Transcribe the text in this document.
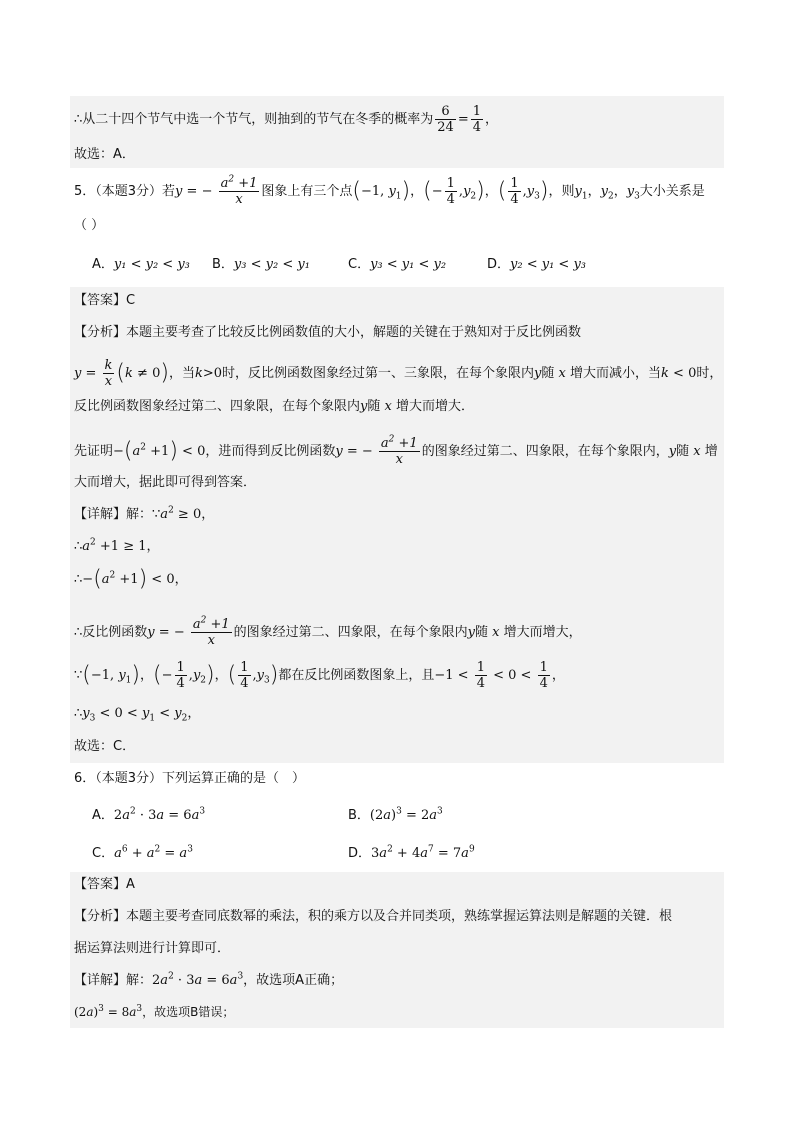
∴从二十四个节气中选一个节气，则抽到的节气在冬季的概率为 $\frac{6}{24} = \frac{1}{4}$ ，
故选：A．
5．（本题3分）若y = − $\frac{a^2 +1}{x}$ 图象上有三个点(−1, $y_1$)，(− $\frac{1}{4} ,y_2$)，( $\frac{1}{4} ,y_3$)，则$y_1$，$y_2$，$y_3$大小关系是
（ ）
A．y₁ < y₂ < y₃ B．y₃ < y₂ < y₁	C．y₃ < y₁ < y₂	D．y₂ < y₁ < y₃
【答案】C
【分析】本题主要考查了比较反比例函数值的大小，解题的关键在于熟知对于反比例函数
$y = \frac{k}{x} (k \ne 0)$，当k>0时，反比例函数图象经过第一、三象限，在每个象限内y随 x 增大而减小，当k < 0时，
反比例函数图象经过第二、四象限，在每个象限内y随 x 增大而增大．
先证明$-(a^2 +1) < 0$，进而得到反比例函数y = − $\frac{a^2 +1}{x}$ 的图象经过第二、四象限，在每个象限内，y随 x 增
大而增大，据此即可得到答案．
【详解】解：$\because a^2 \ge 0$，
$\therefore a^2 +1 \ge 1$，
$\therefore-(a^2 +1) < 0$，
∴反比例函数y = − $\frac{a^2 +1}{x}$ 的图象经过第二、四象限，在每个象限内y随 x 增大而增大，
∵(−1, $y_1$)，(− $\frac{1}{4} ,y_2$)，( $\frac{1}{4} ,y_3$)都在反比例函数图象上，且$-1 < \frac{1}{4} < 0 < \frac{1}{4}$ ，
$\therefore y_3 < 0 < y_1 < y_2$，
故选：C．
6．（本题3分）下列运算正确的是（　）
A．$2a^2 \cdot 3a = 6a^3$	B．$(2a)^3 = 2a^3$
C．$a^6 + a^2 = a^3$	D．$3a^2 + 4a^7 = 7a^9$
【答案】A
【分析】本题主要考查同底数幂的乘法，积的乘方以及合并同类项，熟练掌握运算法则是解题的关键．根
据运算法则进行计算即可．
【详解】解：$2a^2 \cdot 3a = 6a^3$，故选项A正确；
$(2a)^3 = 8a^3$，故选项B错误；
